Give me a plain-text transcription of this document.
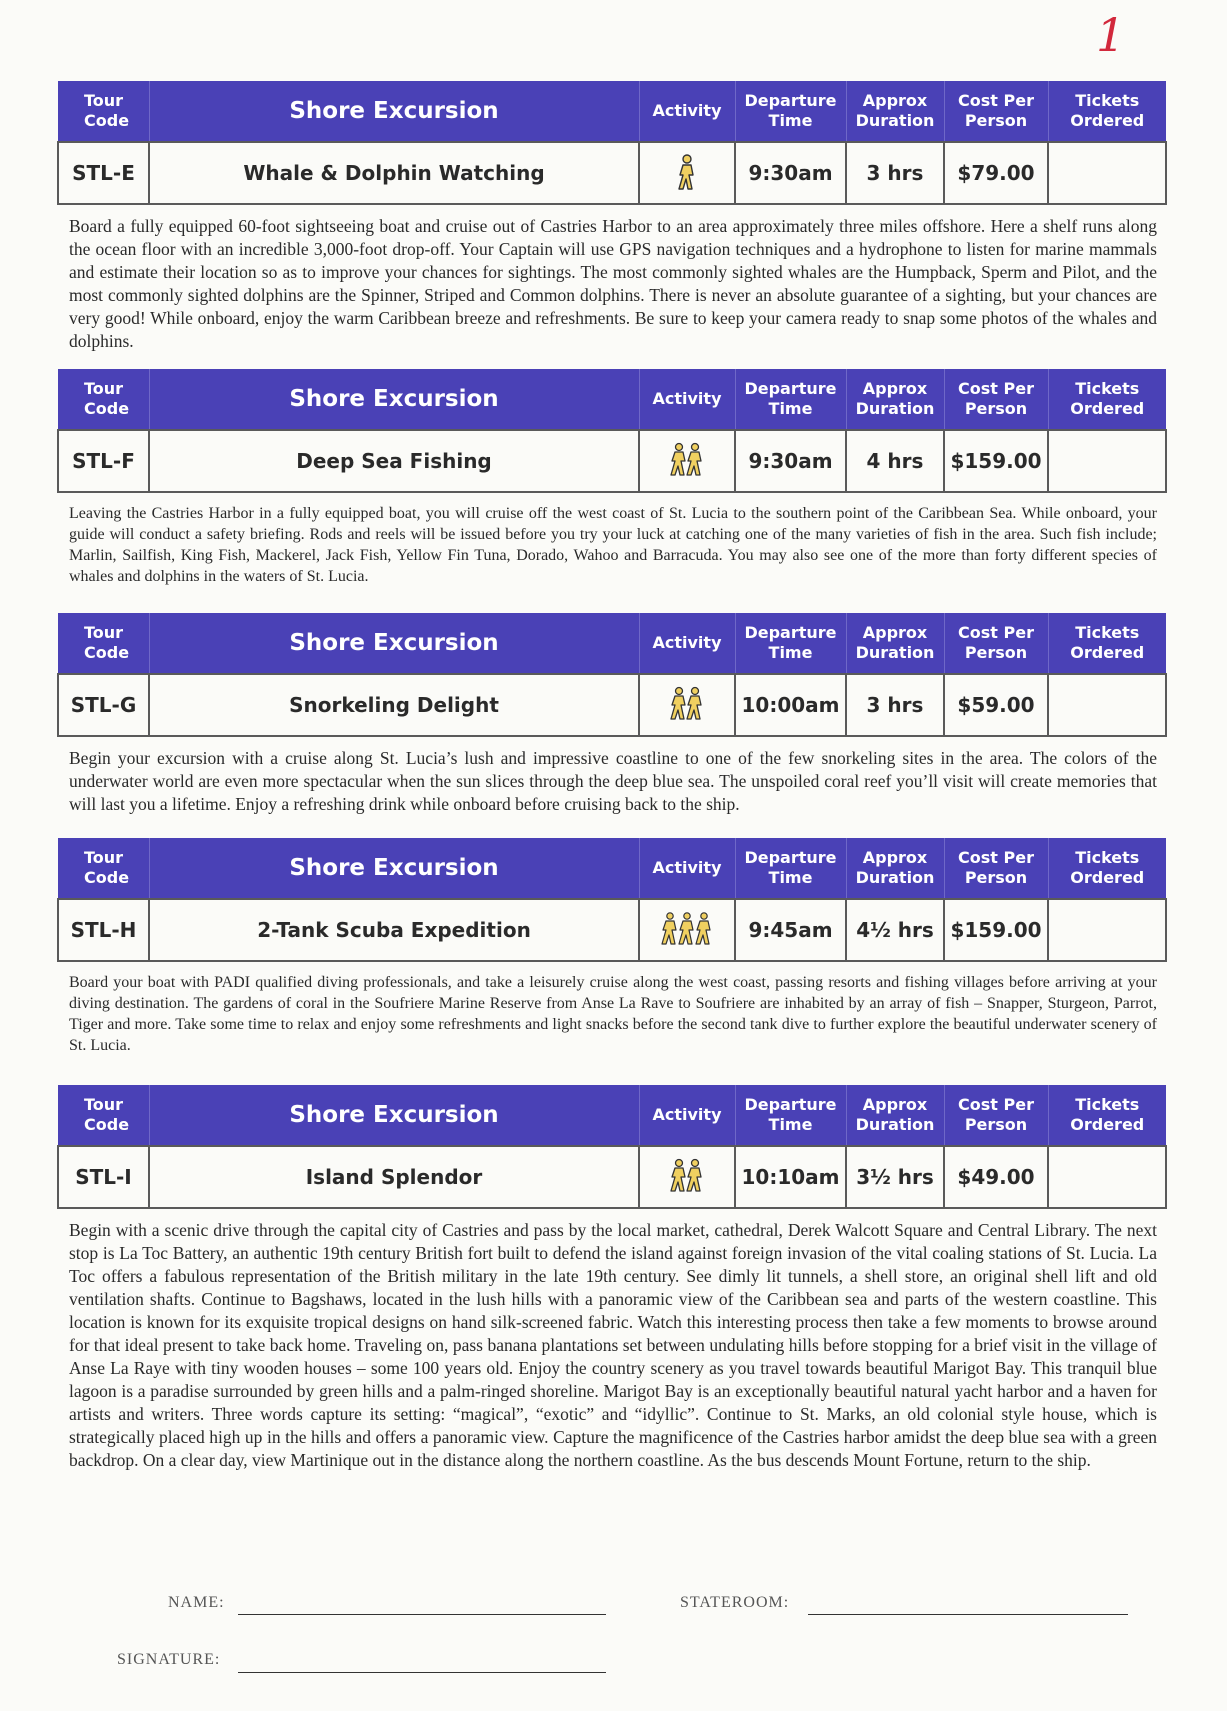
1
Tour Code	Shore Excursion	Activity	Departure Time	Approx Duration	Cost Per Person	Tickets Ordered
STL-E	Whale & Dolphin Watching		9:30am	3 hrs	$79.00	

Board a fully equipped 60-foot sightseeing boat and cruise out of Castries Harbor to an area approximately three miles offshore. Here a shelf runs along the ocean floor with an incredible 3,000-foot drop-off. Your Captain will use GPS navigation techniques and a hydrophone to listen for marine mammals and estimate their location so as to improve your chances for sightings. The most commonly sighted whales are the Humpback, Sperm and Pilot, and the most commonly sighted dolphins are the Spinner, Striped and Common dolphins. There is never an absolute guarantee of a sighting, but your chances are very good! While onboard, enjoy the warm Caribbean breeze and refreshments. Be sure to keep your camera ready to snap some photos of the whales and dolphins.

Tour Code	Shore Excursion	Activity	Departure Time	Approx Duration	Cost Per Person	Tickets Ordered
STL-F	Deep Sea Fishing		9:30am	4 hrs	$159.00	

Leaving the Castries Harbor in a fully equipped boat, you will cruise off the west coast of St. Lucia to the southern point of the Caribbean Sea. While onboard, your guide will conduct a safety briefing. Rods and reels will be issued before you try your luck at catching one of the many varieties of fish in the area. Such fish include; Marlin, Sailfish, King Fish, Mackerel, Jack Fish, Yellow Fin Tuna, Dorado, Wahoo and Barracuda. You may also see one of the more than forty different species of whales and dolphins in the waters of St. Lucia.

Tour Code	Shore Excursion	Activity	Departure Time	Approx Duration	Cost Per Person	Tickets Ordered
STL-G	Snorkeling Delight		10:00am	3 hrs	$59.00	

Begin your excursion with a cruise along St. Lucia’s lush and impressive coastline to one of the few snorkeling sites in the area. The colors of the underwater world are even more spectacular when the sun slices through the deep blue sea. The unspoiled coral reef you’ll visit will create memories that will last you a lifetime. Enjoy a refreshing drink while onboard before cruising back to the ship.

Tour Code	Shore Excursion	Activity	Departure Time	Approx Duration	Cost Per Person	Tickets Ordered
STL-H	2-Tank Scuba Expedition		9:45am	4½ hrs	$159.00	

Board your boat with PADI qualified diving professionals, and take a leisurely cruise along the west coast, passing resorts and fishing villages before arriving at your diving destination. The gardens of coral in the Soufriere Marine Reserve from Anse La Rave to Soufriere are inhabited by an array of fish – Snapper, Sturgeon, Parrot, Tiger and more. Take some time to relax and enjoy some refreshments and light snacks before the second tank dive to further explore the beautiful underwater scenery of St. Lucia.

Tour Code	Shore Excursion	Activity	Departure Time	Approx Duration	Cost Per Person	Tickets Ordered
STL-I	Island Splendor		10:10am	3½ hrs	$49.00	

Begin with a scenic drive through the capital city of Castries and pass by the local market, cathedral, Derek Walcott Square and Central Library. The next stop is La Toc Battery, an authentic 19th century British fort built to defend the island against foreign invasion of the vital coaling stations of St. Lucia. La Toc offers a fabulous representation of the British military in the late 19th century. See dimly lit tunnels, a shell store, an original shell lift and old ventilation shafts. Continue to Bagshaws, located in the lush hills with a panoramic view of the Caribbean sea and parts of the western coastline. This location is known for its exquisite tropical designs on hand silk-screened fabric. Watch this interesting process then take a few moments to browse around for that ideal present to take back home. Traveling on, pass banana plantations set between undulating hills before stopping for a brief visit in the village of Anse La Raye with tiny wooden houses – some 100 years old. Enjoy the country scenery as you travel towards beautiful Marigot Bay. This tranquil blue lagoon is a paradise surrounded by green hills and a palm-ringed shoreline. Marigot Bay is an exceptionally beautiful natural yacht harbor and a haven for artists and writers. Three words capture its setting: “magical”, “exotic” and “idyllic”. Continue to St. Marks, an old colonial style house, which is strategically placed high up in the hills and offers a panoramic view. Capture the magnificence of the Castries harbor amidst the deep blue sea with a green backdrop. On a clear day, view Martinique out in the distance along the northern coastline. As the bus descends Mount Fortune, return to the ship.

NAME:	STATEROOM:
SIGNATURE:
